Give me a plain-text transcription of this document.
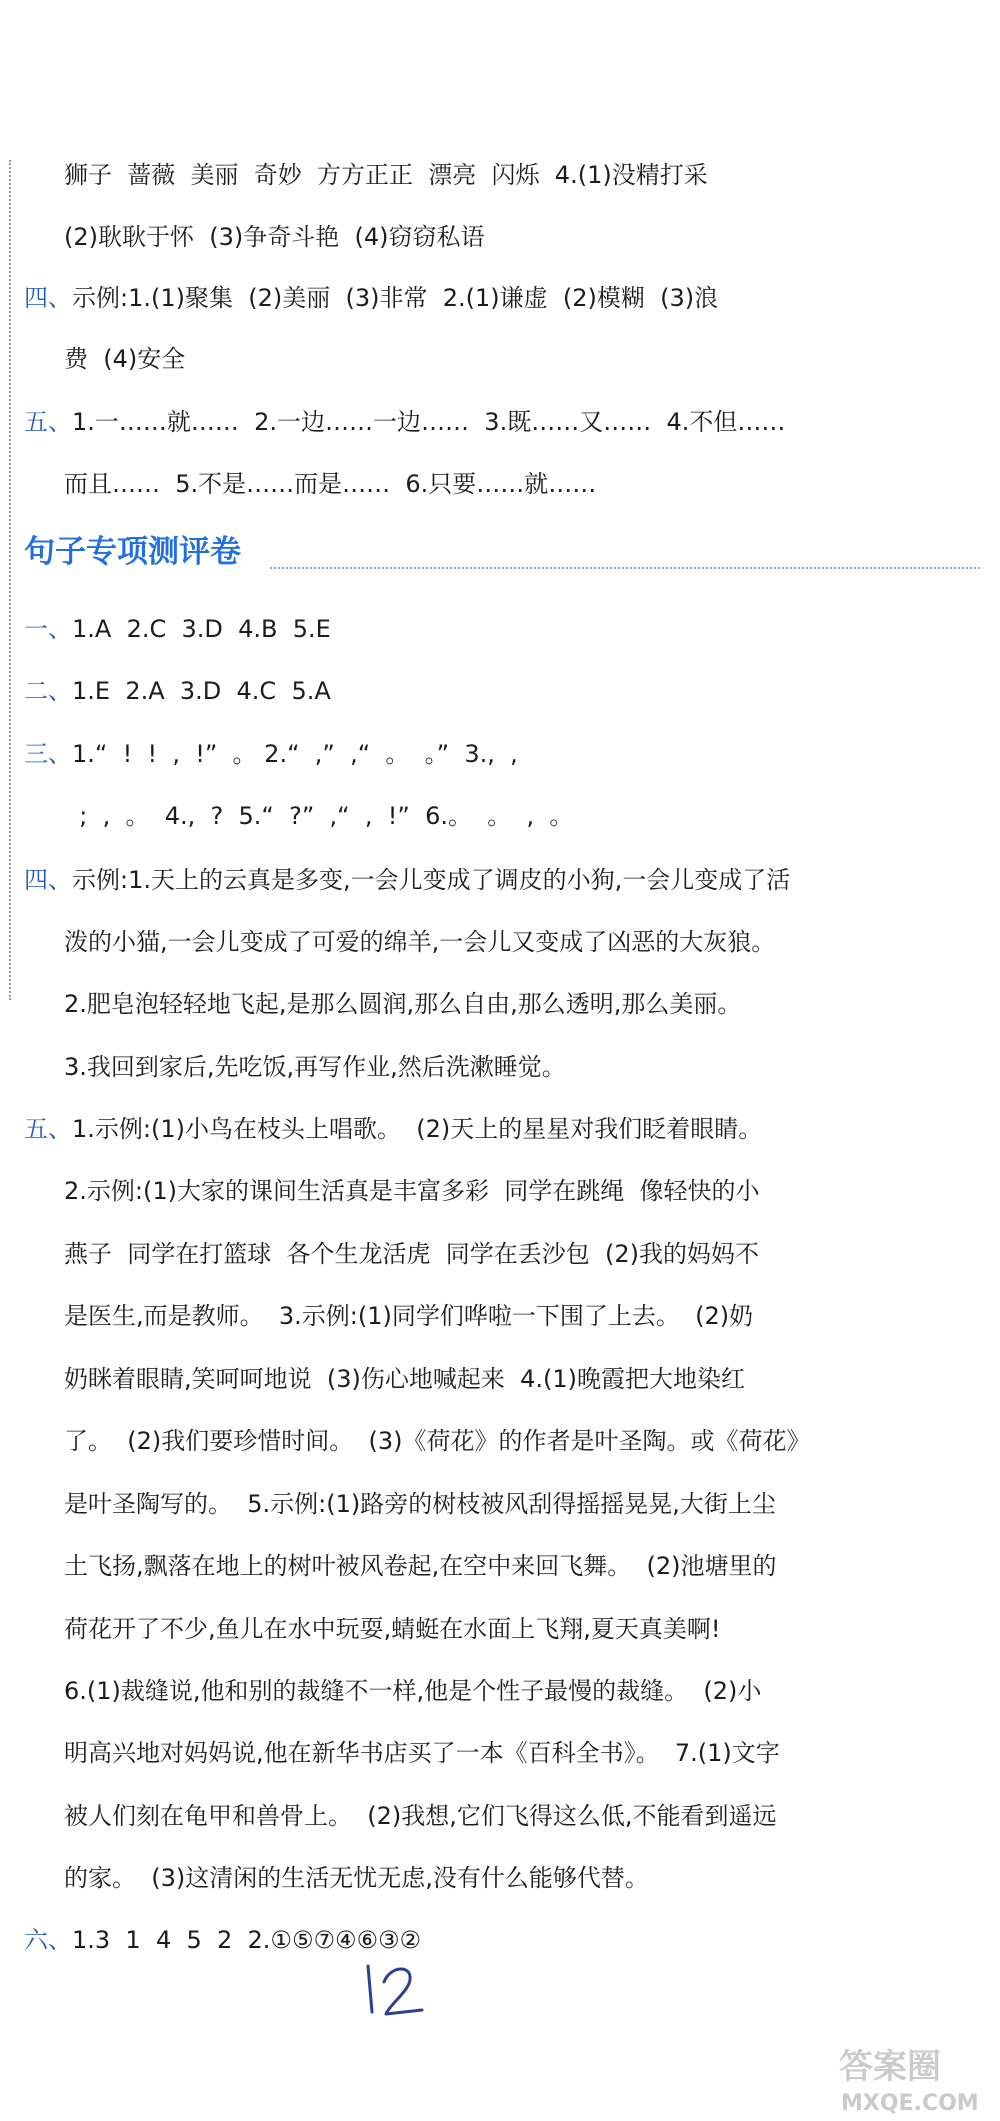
狮子  蔷薇  美丽  奇妙  方方正正  漂亮  闪烁  4.(1)没精打采
(2)耿耿于怀  (3)争奇斗艳  (4)窃窃私语
四、示例:1.(1)聚集  (2)美丽  (3)非常  2.(1)谦虚  (2)模糊  (3)浪
费  (4)安全
五、1.一……就……  2.一边……一边……  3.既……又……  4.不但……
而且……  5.不是……而是……  6.只要……就……
句子专项测评卷
一、1.A  2.C  3.D  4.B  5.E
二、1.E  2.A  3.D  4.C  5.A
三、1.“  !  !  ,  !”  。 2.“  ,”  ,“  。  。”  3.,  ,
;  ,  。  4.,  ?  5.“  ?”  ,“  ,  !”  6.。  。  ,  。
四、示例:1.天上的云真是多变,一会儿变成了调皮的小狗,一会儿变成了活
泼的小猫,一会儿变成了可爱的绵羊,一会儿又变成了凶恶的大灰狼。
2.肥皂泡轻轻地飞起,是那么圆润,那么自由,那么透明,那么美丽。
3.我回到家后,先吃饭,再写作业,然后洗漱睡觉。
五、1.示例:(1)小鸟在枝头上唱歌。  (2)天上的星星对我们眨着眼睛。
2.示例:(1)大家的课间生活真是丰富多彩  同学在跳绳  像轻快的小
燕子  同学在打篮球  各个生龙活虎  同学在丢沙包  (2)我的妈妈不
是医生,而是教师。  3.示例:(1)同学们哗啦一下围了上去。  (2)奶
奶眯着眼睛,笑呵呵地说  (3)伤心地喊起来  4.(1)晚霞把大地染红
了。  (2)我们要珍惜时间。  (3)《荷花》的作者是叶圣陶。或《荷花》
是叶圣陶写的。  5.示例:(1)路旁的树枝被风刮得摇摇晃晃,大街上尘
土飞扬,飘落在地上的树叶被风卷起,在空中来回飞舞。  (2)池塘里的
荷花开了不少,鱼儿在水中玩耍,蜻蜓在水面上飞翔,夏天真美啊!
6.(1)裁缝说,他和别的裁缝不一样,他是个性子最慢的裁缝。  (2)小
明高兴地对妈妈说,他在新华书店买了一本《百科全书》。  7.(1)文字
被人们刻在龟甲和兽骨上。  (2)我想,它们飞得这么低,不能看到遥远
的家。  (3)这清闲的生活无忧无虑,没有什么能够代替。
六、1.3  1  4  5  2  2.①⑤⑦④⑥③②
答案圈
MXQE.COM
